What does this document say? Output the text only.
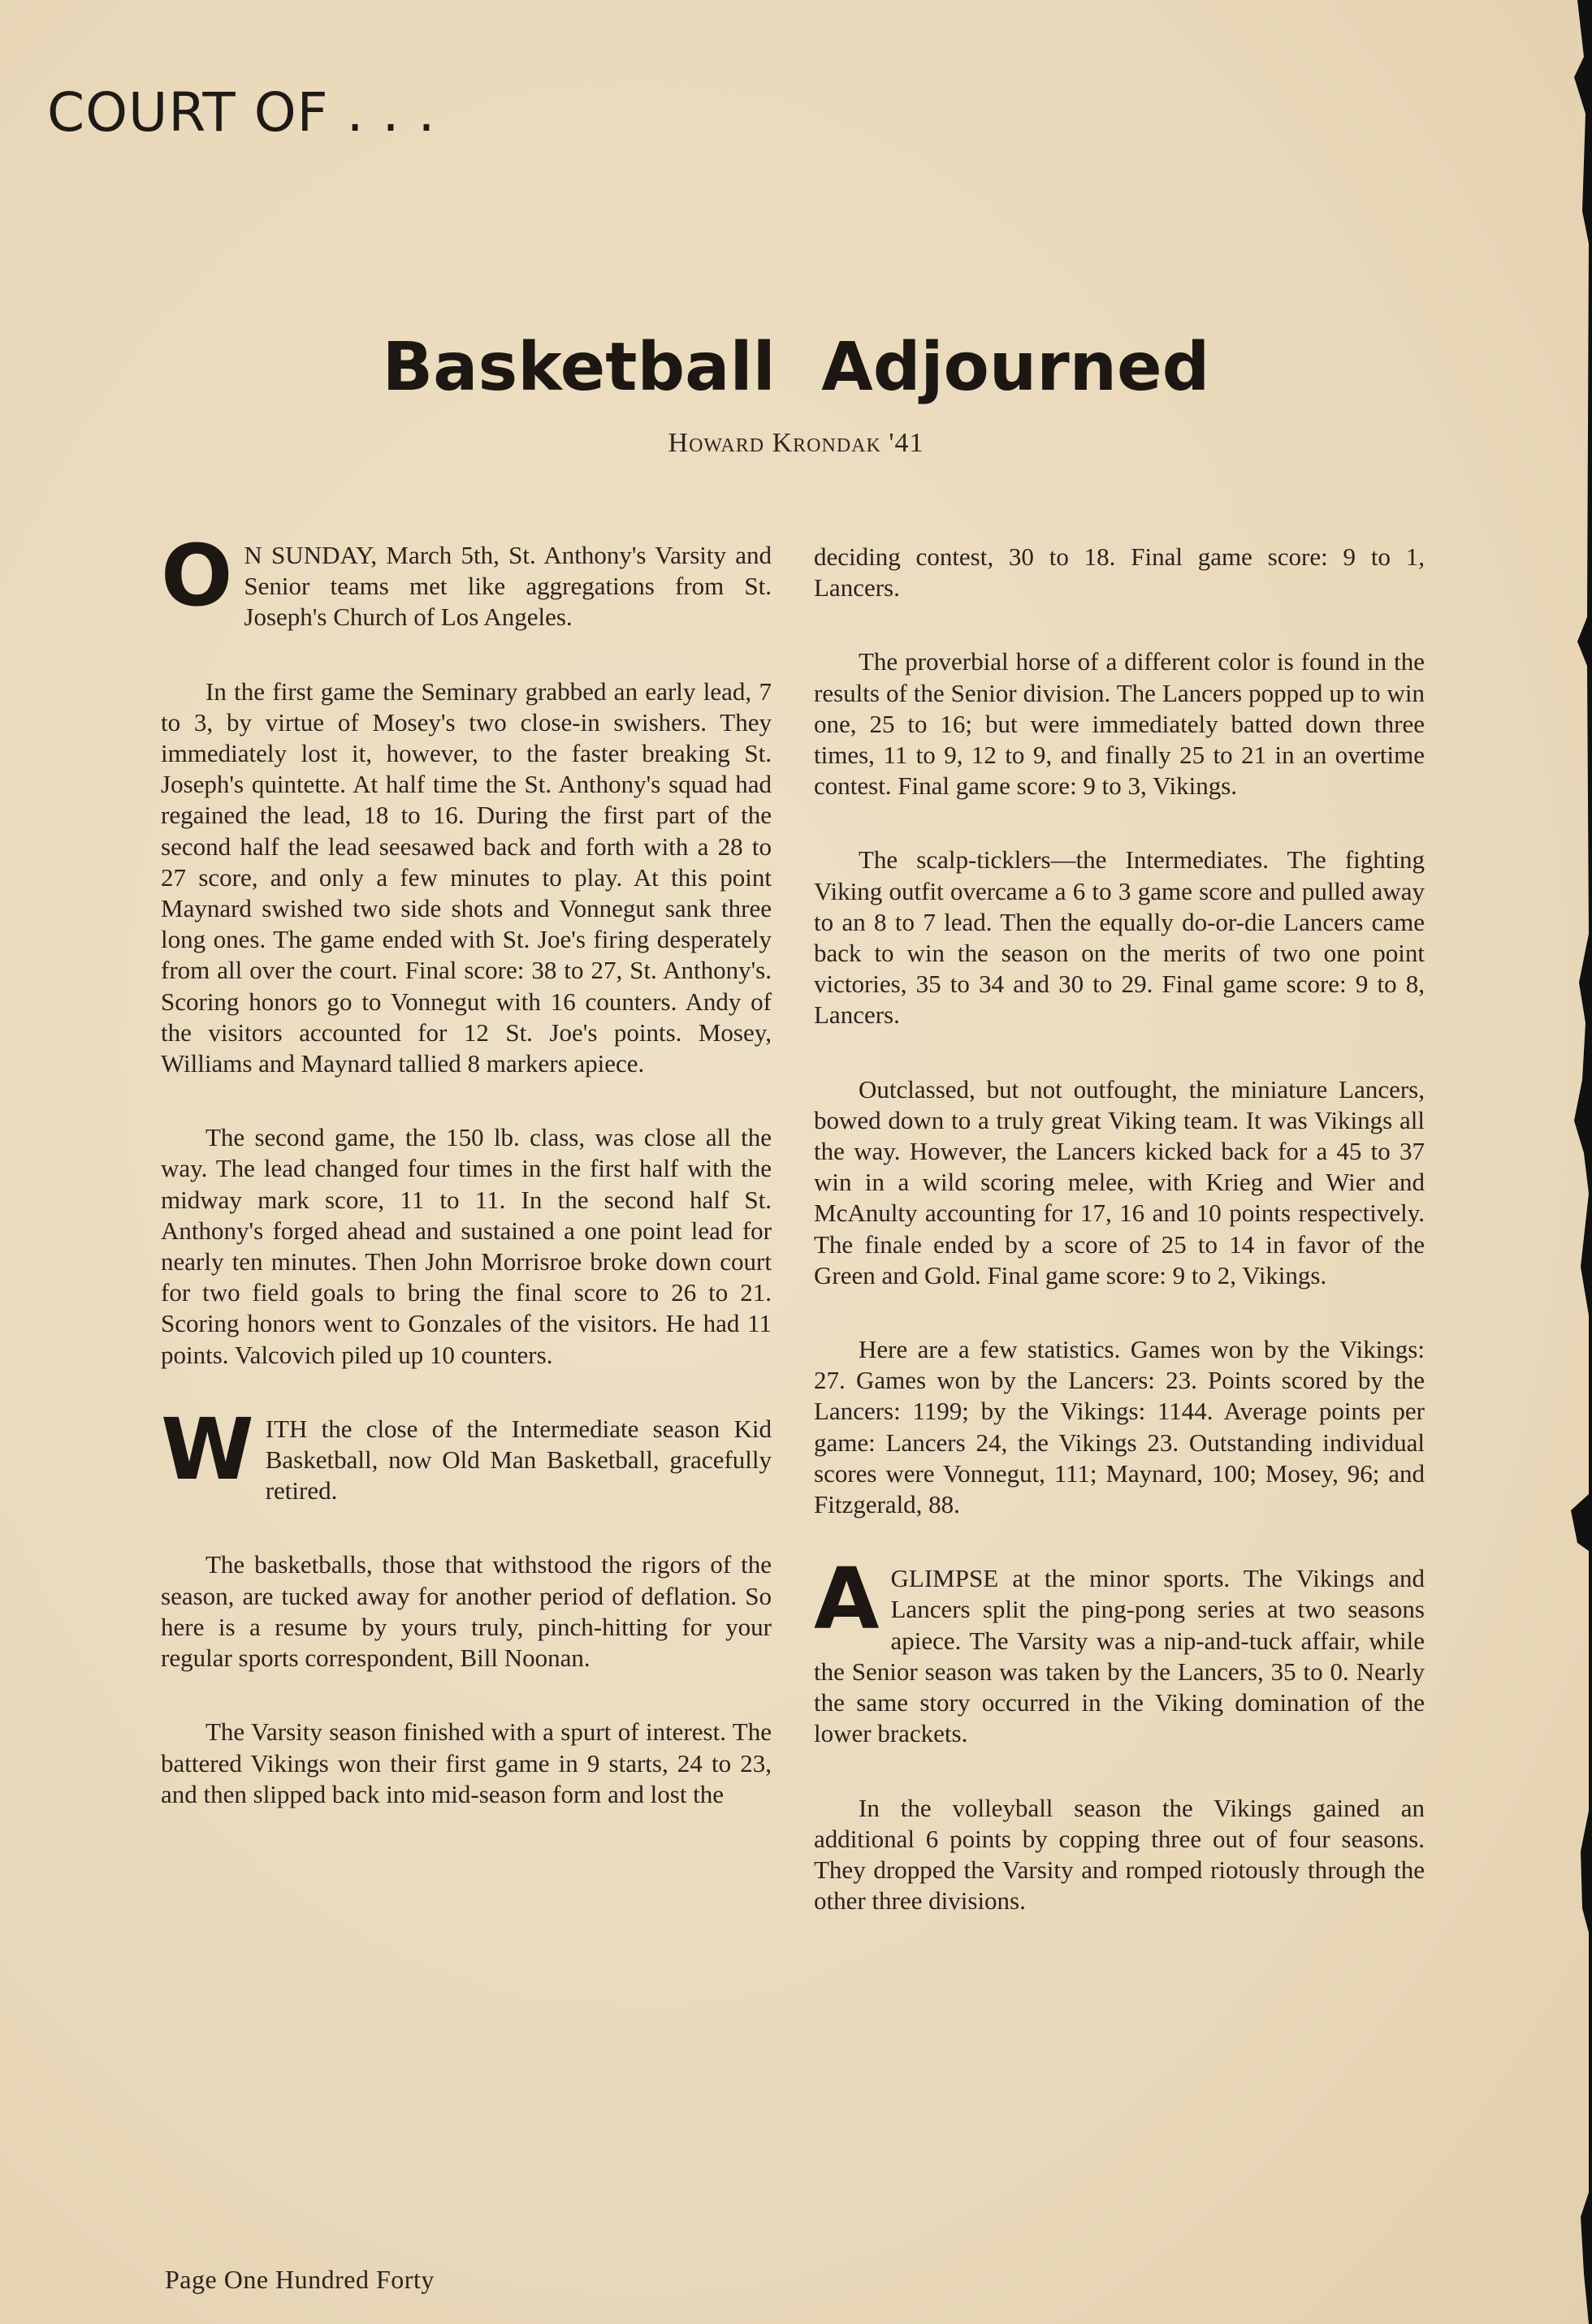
COURT OF . . .
Basketball Adjourned
Howard Krondak '41

O N SUNDAY, March 5th, St. Anthony's Varsity and Senior teams met like aggregations from St. Joseph's Church of Los Angeles.

In the first game the Seminary grabbed an early lead, 7 to 3, by virtue of Mosey's two close-in swishers. They immediately lost it, however, to the faster breaking St. Joseph's quintette. At half time the St. Anthony's squad had regained the lead, 18 to 16. During the first part of the second half the lead seesawed back and forth with a 28 to 27 score, and only a few minutes to play. At this point Maynard swished two side shots and Vonnegut sank three long ones. The game ended with St. Joe's firing desperately from all over the court. Final score: 38 to 27, St. Anthony's. Scoring honors go to Vonnegut with 16 counters. Andy of the visitors accounted for 12 St. Joe's points. Mosey, Williams and Maynard tallied 8 markers apiece.

The second game, the 150 lb. class, was close all the way. The lead changed four times in the first half with the midway mark score, 11 to 11. In the second half St. Anthony's forged ahead and sustained a one point lead for nearly ten minutes. Then John Morrisroe broke down court for two field goals to bring the final score to 26 to 21. Scoring honors went to Gonzales of the visitors. He had 11 points. Valcovich piled up 10 counters.

WITH the close of the Intermediate season Kid Basketball, now Old Man Basketball, gracefully retired.

The basketballs, those that withstood the rigors of the season, are tucked away for another period of deflation. So here is a resume by yours truly, pinch-hitting for your regular sports correspondent, Bill Noonan.

The Varsity season finished with a spurt of interest. The battered Vikings won their first game in 9 starts, 24 to 23, and then slipped back into mid-season form and lost the

deciding contest, 30 to 18. Final game score: 9 to 1, Lancers.

The proverbial horse of a different color is found in the results of the Senior division. The Lancers popped up to win one, 25 to 16; but were immediately batted down three times, 11 to 9, 12 to 9, and finally 25 to 21 in an overtime contest. Final game score: 9 to 3, Vikings.

The scalp-ticklers—the Intermediates. The fighting Viking outfit overcame a 6 to 3 game score and pulled away to an 8 to 7 lead. Then the equally do-or-die Lancers came back to win the season on the merits of two one point victories, 35 to 34 and 30 to 29. Final game score: 9 to 8, Lancers.

Outclassed, but not outfought, the miniature Lancers, bowed down to a truly great Viking team. It was Vikings all the way. However, the Lancers kicked back for a 45 to 37 win in a wild scoring melee, with Krieg and Wier and McAnulty accounting for 17, 16 and 10 points respectively. The finale ended by a score of 25 to 14 in favor of the Green and Gold. Final game score: 9 to 2, Vikings.

Here are a few statistics. Games won by the Vikings: 27. Games won by the Lancers: 23. Points scored by the Lancers: 1199; by the Vikings: 1144. Average points per game: Lancers 24, the Vikings 23. Outstanding individual scores were Vonnegut, 111; Maynard, 100; Mosey, 96; and Fitzgerald, 88.

AGLIMPSE at the minor sports. The Vikings and Lancers split the ping-pong series at two seasons apiece. The Varsity was a nip-and-tuck affair, while the Senior season was taken by the Lancers, 35 to 0. Nearly the same story occurred in the Viking domination of the lower brackets.

In the volleyball season the Vikings gained an additional 6 points by copping three out of four seasons. They dropped the Varsity and romped riotously through the other three divisions.

Page One Hundred Forty
